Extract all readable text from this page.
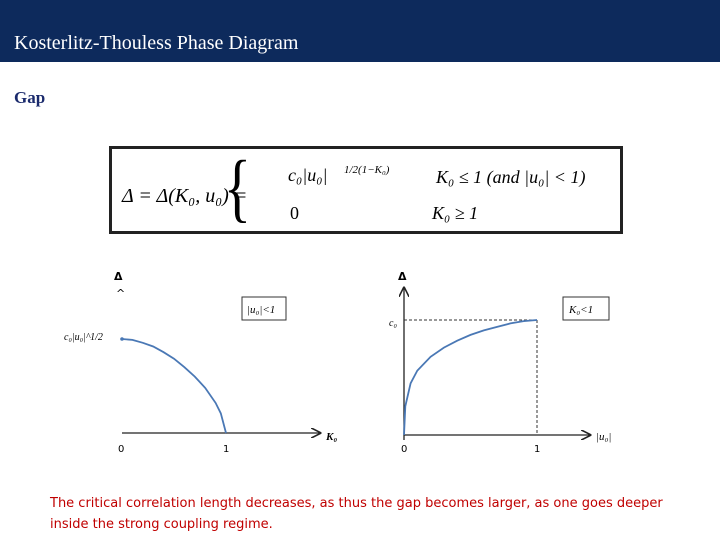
Kosterlitz-Thouless Phase Diagram
Gap
Δ = Δ(K₀, u₀) =
{ c₀|u₀| 1/2(1−K₀)	K₀ ≤ 1 (and |u₀| < 1)
0	K₀ ≥ 1
Δ
^
K₀
c₀|u₀|^1/2
0	1
|u₀|<1
Δ
|u₀|
c₀
0	1
K₀<1
The critical correlation length decreases, as thus the gap becomes larger, as one goes deeper inside the strong coupling regime.
